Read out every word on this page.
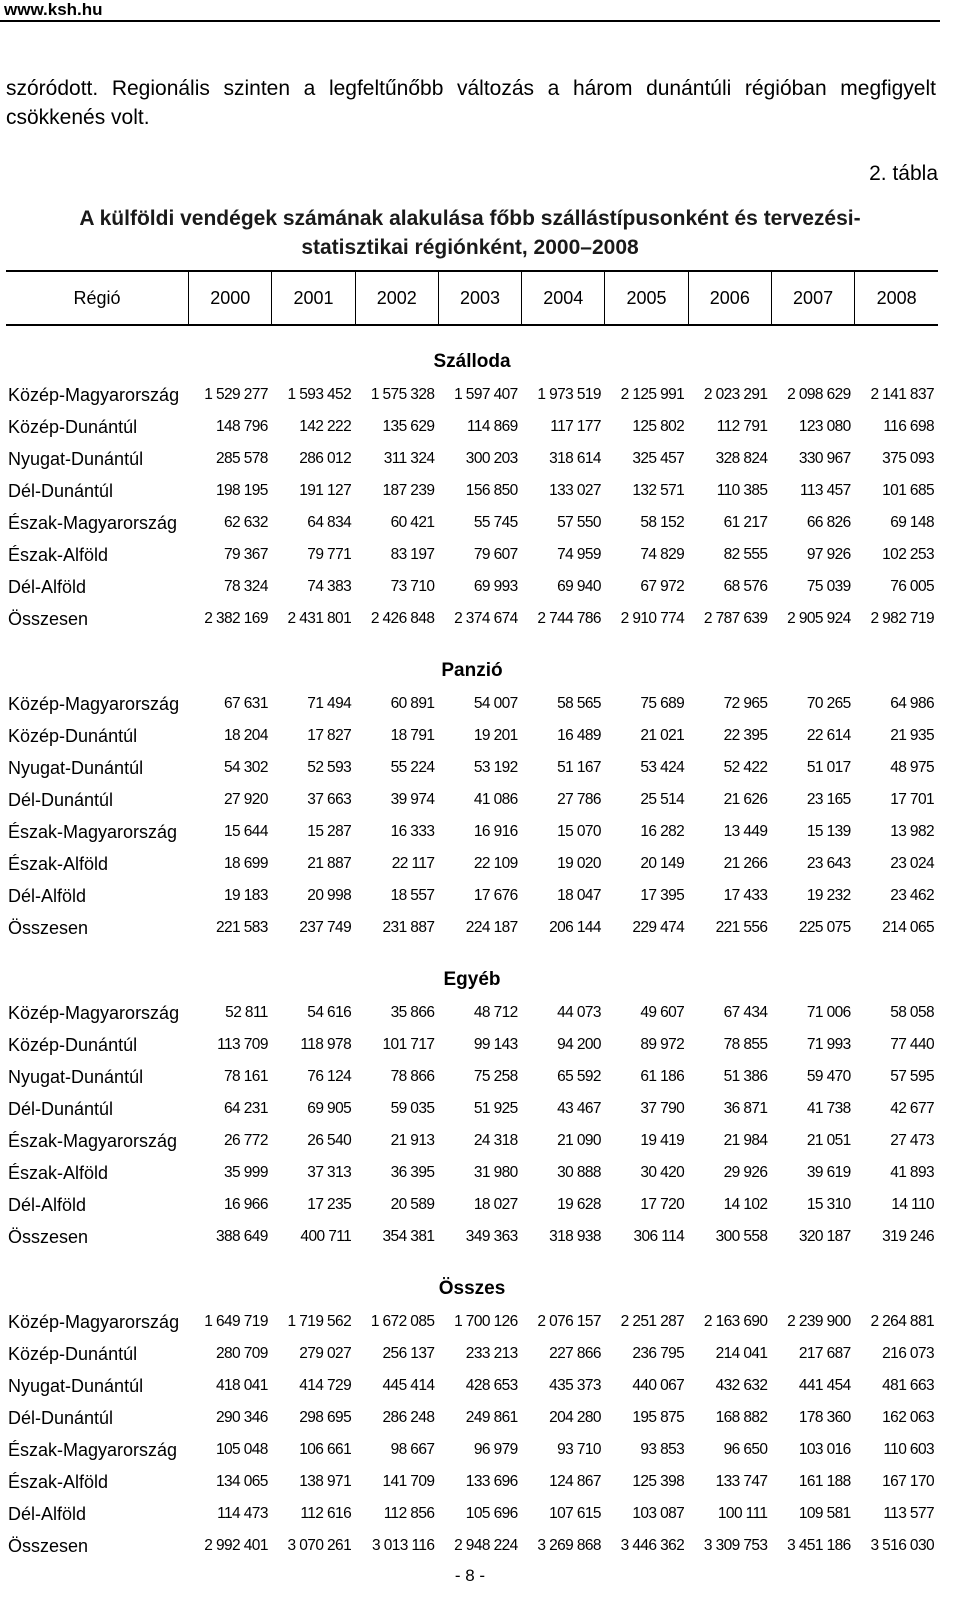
www.ksh.hu
szóródott. Regionális szinten a legfeltűnőbb változás a három dunántúli régióban megfigyelt csökkenés volt.
2. tábla
A külföldi vendégek számának alakulása főbb szállástípusonként és tervezési-statisztikai régiónként, 2000–2008
Régió	2000	2001	2002	2003	2004	2005	2006	2007	2008
Szálloda									
Közép-Magyarország	1 529 277	1 593 452	1 575 328	1 597 407	1 973 519	2 125 991	2 023 291	2 098 629	2 141 837
Közép-Dunántúl	148 796	142 222	135 629	114 869	117 177	125 802	112 791	123 080	116 698
Nyugat-Dunántúl	285 578	286 012	311 324	300 203	318 614	325 457	328 824	330 967	375 093
Dél-Dunántúl	198 195	191 127	187 239	156 850	133 027	132 571	110 385	113 457	101 685
Észak-Magyarország	62 632	64 834	60 421	55 745	57 550	58 152	61 217	66 826	69 148
Észak-Alföld	79 367	79 771	83 197	79 607	74 959	74 829	82 555	97 926	102 253
Dél-Alföld	78 324	74 383	73 710	69 993	69 940	67 972	68 576	75 039	76 005
Összesen	2 382 169	2 431 801	2 426 848	2 374 674	2 744 786	2 910 774	2 787 639	2 905 924	2 982 719
Panzió									
Közép-Magyarország	67 631	71 494	60 891	54 007	58 565	75 689	72 965	70 265	64 986
Közép-Dunántúl	18 204	17 827	18 791	19 201	16 489	21 021	22 395	22 614	21 935
Nyugat-Dunántúl	54 302	52 593	55 224	53 192	51 167	53 424	52 422	51 017	48 975
Dél-Dunántúl	27 920	37 663	39 974	41 086	27 786	25 514	21 626	23 165	17 701
Észak-Magyarország	15 644	15 287	16 333	16 916	15 070	16 282	13 449	15 139	13 982
Észak-Alföld	18 699	21 887	22 117	22 109	19 020	20 149	21 266	23 643	23 024
Dél-Alföld	19 183	20 998	18 557	17 676	18 047	17 395	17 433	19 232	23 462
Összesen	221 583	237 749	231 887	224 187	206 144	229 474	221 556	225 075	214 065
Egyéb									
Közép-Magyarország	52 811	54 616	35 866	48 712	44 073	49 607	67 434	71 006	58 058
Közép-Dunántúl	113 709	118 978	101 717	99 143	94 200	89 972	78 855	71 993	77 440
Nyugat-Dunántúl	78 161	76 124	78 866	75 258	65 592	61 186	51 386	59 470	57 595
Dél-Dunántúl	64 231	69 905	59 035	51 925	43 467	37 790	36 871	41 738	42 677
Észak-Magyarország	26 772	26 540	21 913	24 318	21 090	19 419	21 984	21 051	27 473
Észak-Alföld	35 999	37 313	36 395	31 980	30 888	30 420	29 926	39 619	41 893
Dél-Alföld	16 966	17 235	20 589	18 027	19 628	17 720	14 102	15 310	14 110
Összesen	388 649	400 711	354 381	349 363	318 938	306 114	300 558	320 187	319 246
Összes									
Közép-Magyarország	1 649 719	1 719 562	1 672 085	1 700 126	2 076 157	2 251 287	2 163 690	2 239 900	2 264 881
Közép-Dunántúl	280 709	279 027	256 137	233 213	227 866	236 795	214 041	217 687	216 073
Nyugat-Dunántúl	418 041	414 729	445 414	428 653	435 373	440 067	432 632	441 454	481 663
Dél-Dunántúl	290 346	298 695	286 248	249 861	204 280	195 875	168 882	178 360	162 063
Észak-Magyarország	105 048	106 661	98 667	96 979	93 710	93 853	96 650	103 016	110 603
Észak-Alföld	134 065	138 971	141 709	133 696	124 867	125 398	133 747	161 188	167 170
Dél-Alföld	114 473	112 616	112 856	105 696	107 615	103 087	100 111	109 581	113 577
Összesen	2 992 401	3 070 261	3 013 116	2 948 224	3 269 868	3 446 362	3 309 753	3 451 186	3 516 030
- 8 -
